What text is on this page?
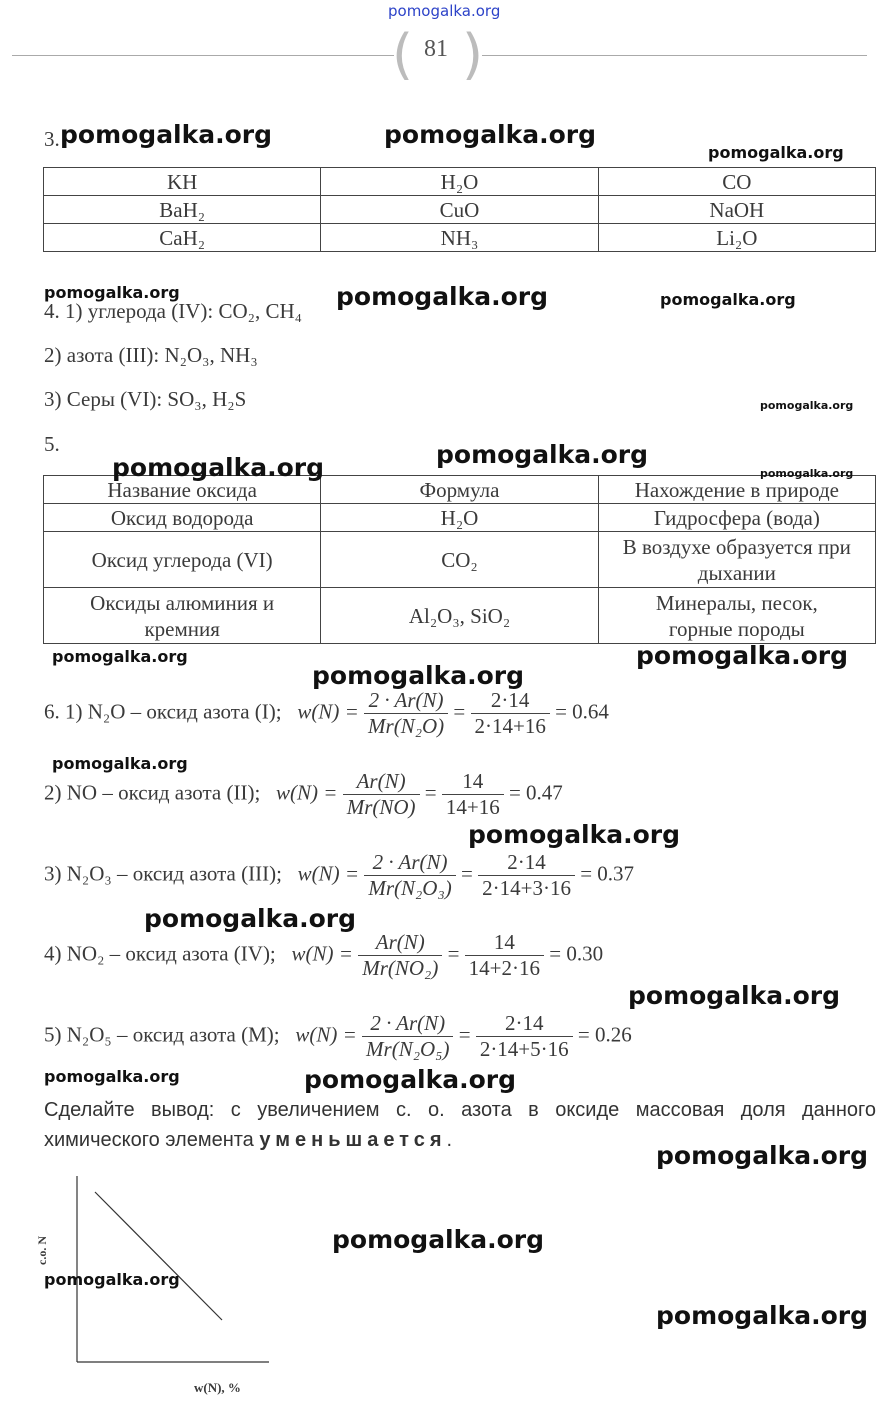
pomogalka.org
( )
81
3.
KH	H₂O	CO
BaH₂	CuO	NaOH
CaH₂	NH₃	Li₂O
4. 1) углерода (IV): CO₂, CH₄
2) азота (III): N₂O₃, NH₃
3) Серы (VI): SO₃, H₂S
5.
Название оксида	Формула	Нахождение в природе
Оксид водорода	H₂O	Гидросфера (вода)
Оксид углерода (VI)	CO₂	В воздухе образуется при дыхании
Оксиды алюминия и кремния	Al₂O₃, SiO₂	Минералы, песок, горные породы
6. 1) N₂O – оксид азота (I); $w(N) = \frac{2 \cdot Ar(N)}{\text{Mr(N₂O)}} = \frac{2\cdot 14}{2\cdot 14+16} = 0.64$
2) NO – оксид азота (II); $w(N) = \frac{Ar(N)}{Mr(NO)} = \frac{14}{14+16} = 0.47$
3) N₂O₃ – оксид азота (III); $w(N) = \frac{2 \cdot Ar(N)}{\text{Mr(N₂O₃)}} = \frac{2\cdot 14}{2\cdot 14+3\cdot 16} = 0.37$
4) NO₂ – оксид азота (IV); $w(N) = \frac{Ar(N)}{\text{Mr(NO₂)}} = \frac{14}{14+2\cdot 16} = 0.30$
5) N₂O₅ – оксид азота (M); $w(N) = \frac{2 \cdot Ar(N)}{\text{Mr(N₂O₅)}} = \frac{2\cdot 14}{2\cdot 14+5\cdot 16} = 0.26$
Сделайте вывод: с увеличением с. о. азота в оксиде массовая доля данного химического элемента уменьшается.
с.о. N
w(N), %
pomogalka.org	pomogalka.org
pomogalka.org
pomogalka.org	pomogalka.org	pomogalka.org
pomogalka.org
pomogalka.org	pomogalka.org
pomogalka.org
pomogalka.org	pomogalka.org
pomogalka.org
pomogalka.org
pomogalka.org
pomogalka.org
pomogalka.org
pomogalka.org	pomogalka.org
pomogalka.org
pomogalka.org
pomogalka.org
pomogalka.org
